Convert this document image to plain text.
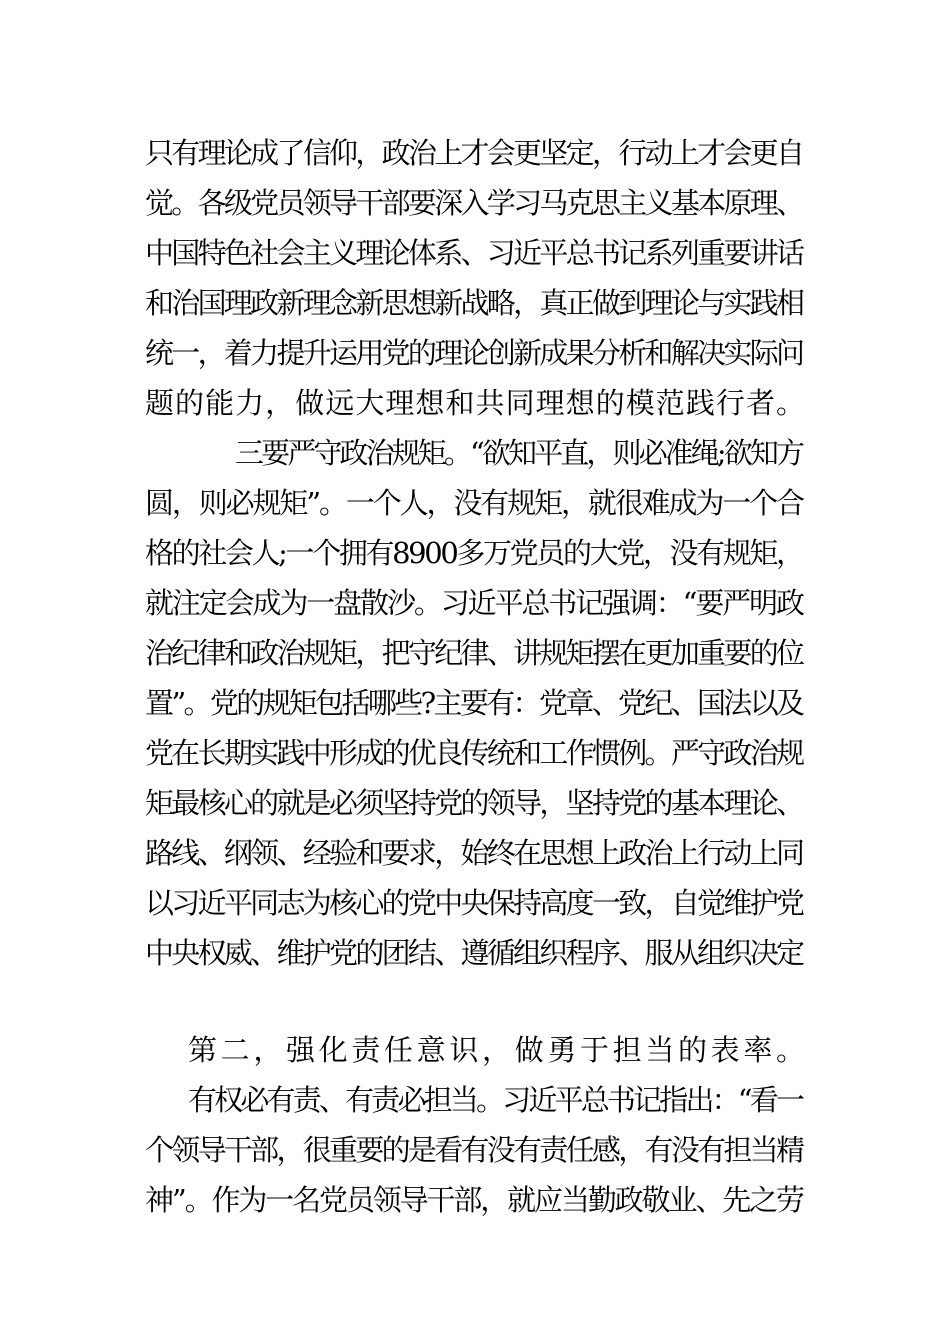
只有理论成了信仰，政治上才会更坚定，行动上才会更自
觉。各级党员领导干部要深入学习马克思主义基本原理、
中国特色社会主义理论体系、习近平总书记系列重要讲话
和治国理政新理念新思想新战略，真正做到理论与实践相
统一，着力提升运用党的理论创新成果分析和解决实际问
题的能力，做远大理想和共同理想的模范践行者。
三要严守政治规矩。“欲知平直，则必准绳;欲知方
圆，则必规矩”。一个人，没有规矩，就很难成为一个合
格的社会人;一个拥有8900多万党员的大党，没有规矩，
就注定会成为一盘散沙。习近平总书记强调：“要严明政
治纪律和政治规矩，把守纪律、讲规矩摆在更加重要的位
置”。党的规矩包括哪些?主要有：党章、党纪、国法以及
党在长期实践中形成的优良传统和工作惯例。严守政治规
矩最核心的就是必须坚持党的领导，坚持党的基本理论、
路线、纲领、经验和要求，始终在思想上政治上行动上同
以习近平同志为核心的党中央保持高度一致，自觉维护党
中央权威、维护党的团结、遵循组织程序、服从组织决定
第二，强化责任意识，做勇于担当的表率。
有权必有责、有责必担当。习近平总书记指出：“看一
个领导干部，很重要的是看有没有责任感，有没有担当精
神”。作为一名党员领导干部，就应当勤政敬业、先之劳
